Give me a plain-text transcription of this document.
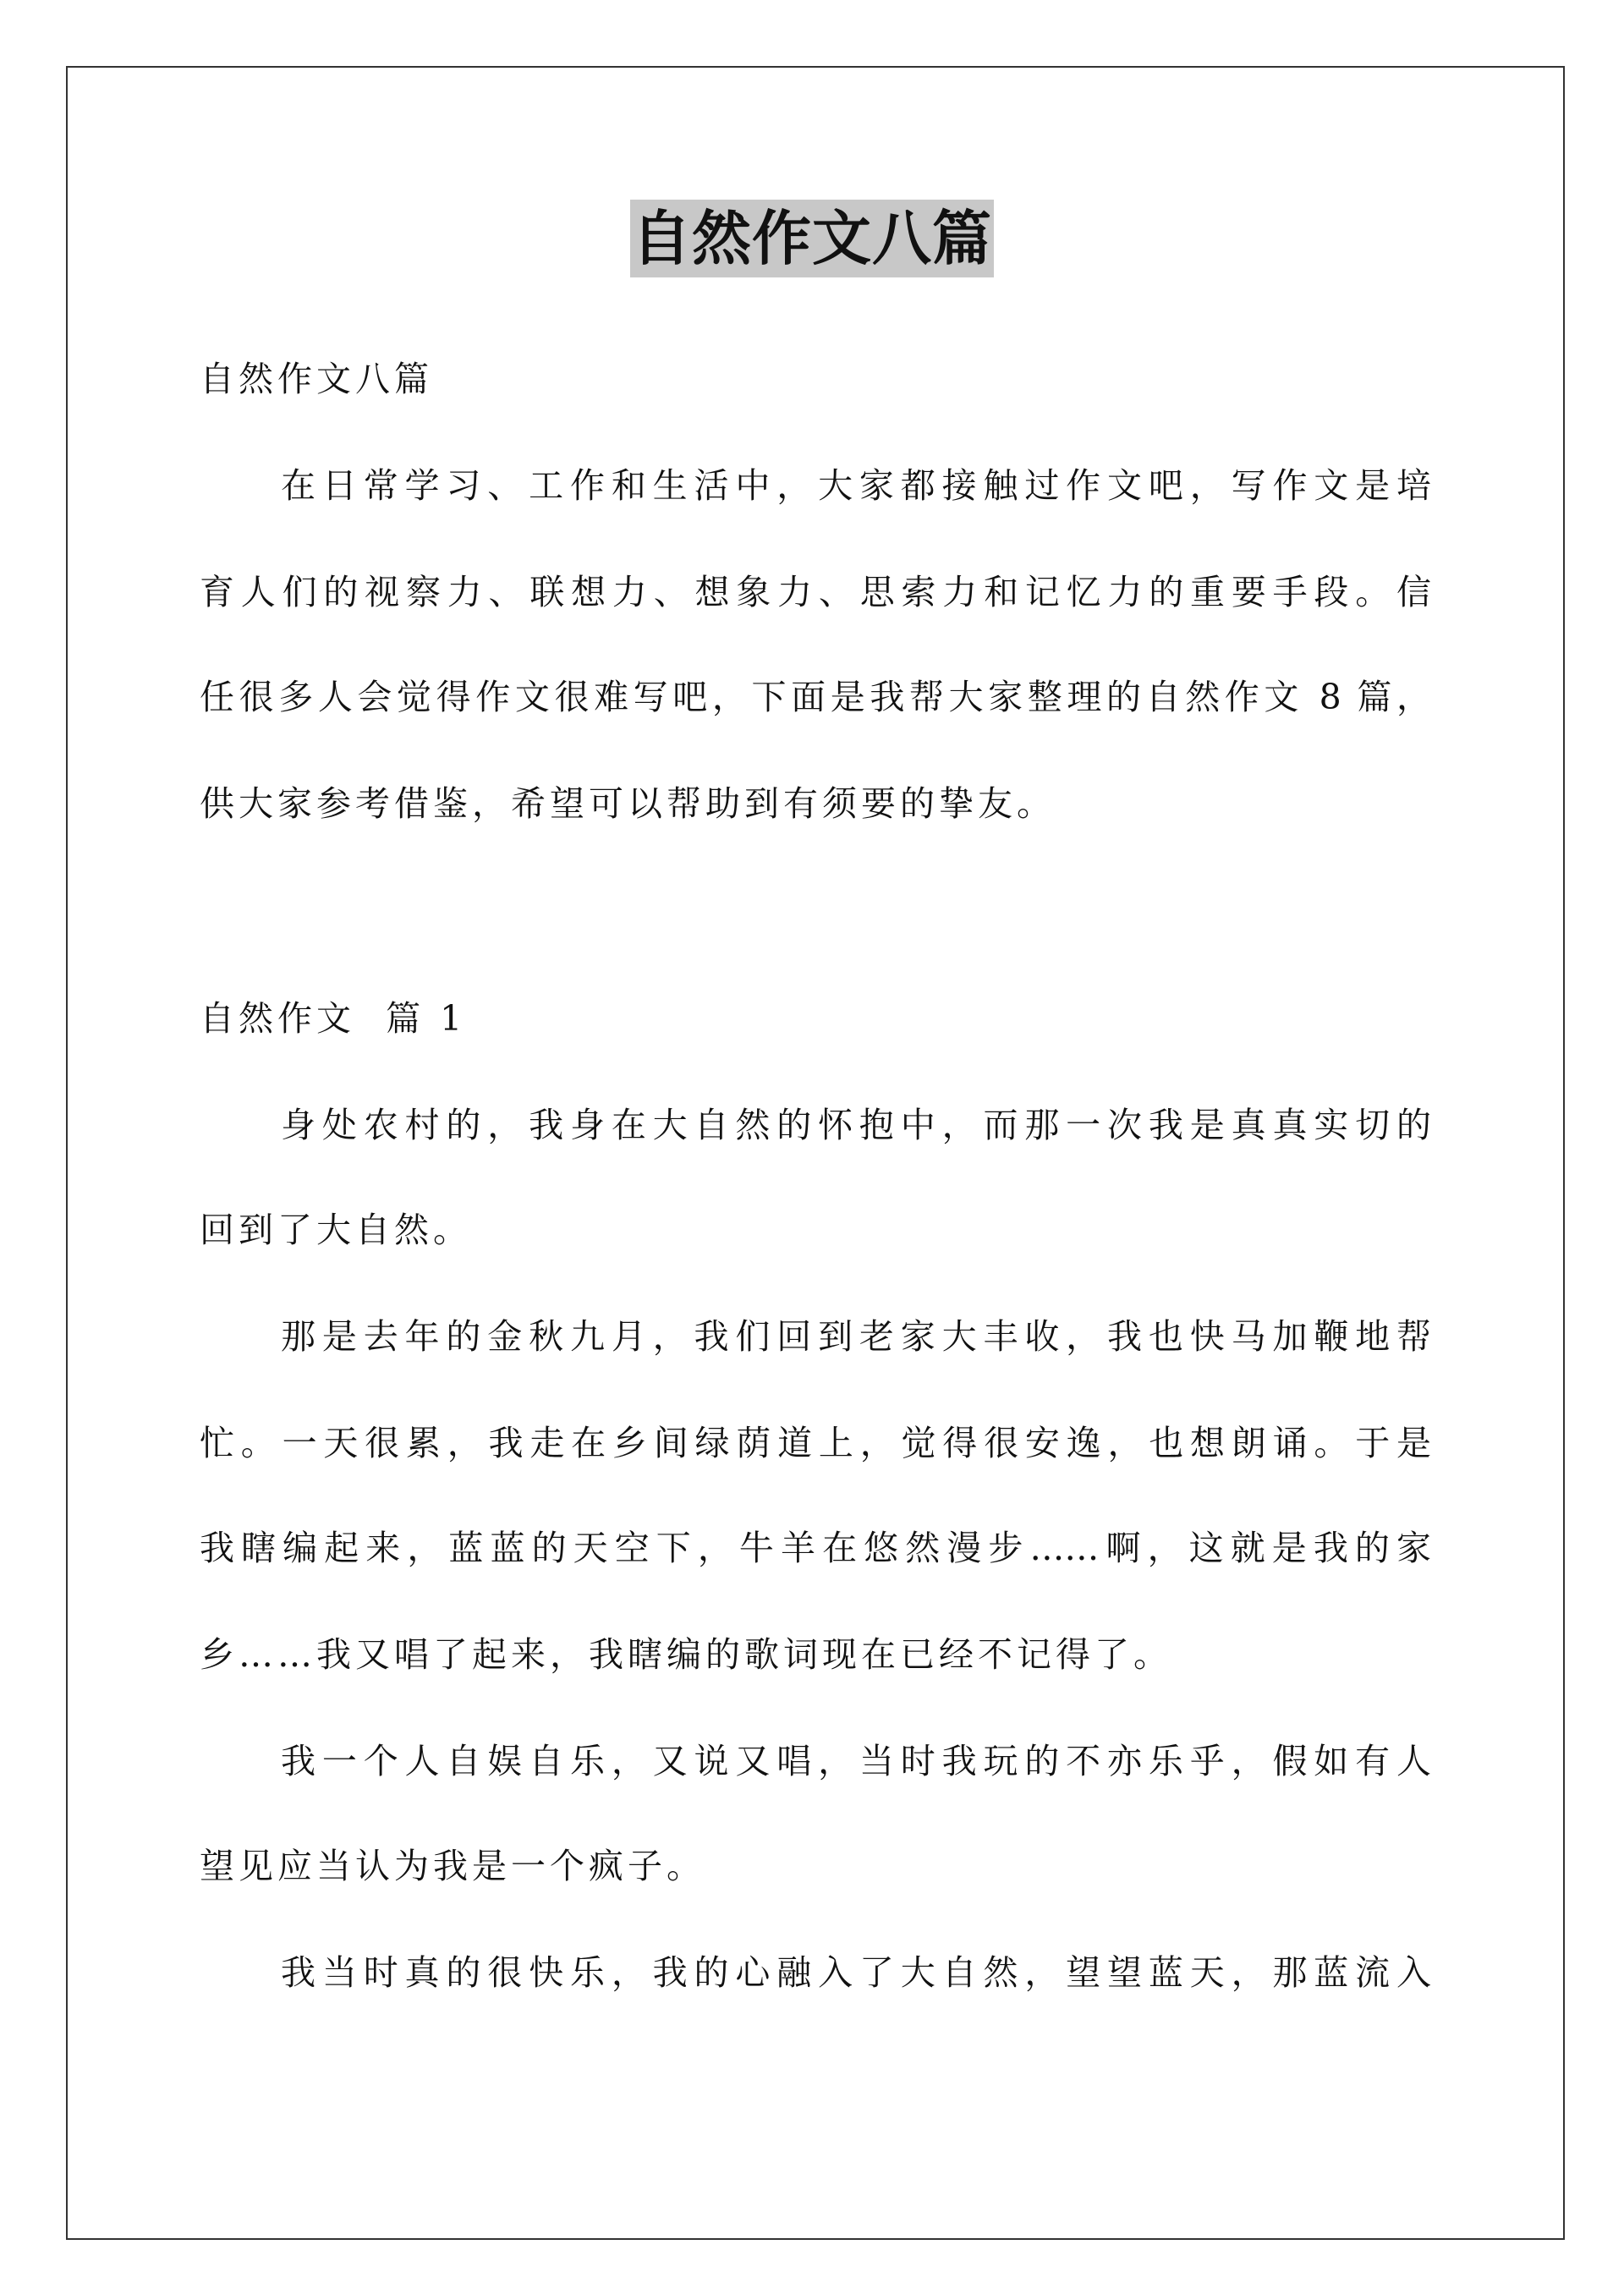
自然作文八篇
自然作文八篇
在日常学习、工作和生活中，大家都接触过作文吧，写作文是培
育人们的视察力、联想力、想象力、思索力和记忆力的重要手段。信
任很多人会觉得作文很难写吧，下面是我帮大家整理的自然作文 8 篇，
供大家参考借鉴，希望可以帮助到有须要的挚友。
自然作文  篇 1
身处农村的，我身在大自然的怀抱中，而那一次我是真真实切的
回到了大自然。
那是去年的金秋九月，我们回到老家大丰收，我也快马加鞭地帮
忙。一天很累，我走在乡间绿荫道上，觉得很安逸，也想朗诵。于是
我瞎编起来，蓝蓝的天空下，牛羊在悠然漫步……啊，这就是我的家
乡……我又唱了起来，我瞎编的歌词现在已经不记得了。
我一个人自娱自乐，又说又唱，当时我玩的不亦乐乎，假如有人
望见应当认为我是一个疯子。
我当时真的很快乐，我的心融入了大自然，望望蓝天，那蓝流入
